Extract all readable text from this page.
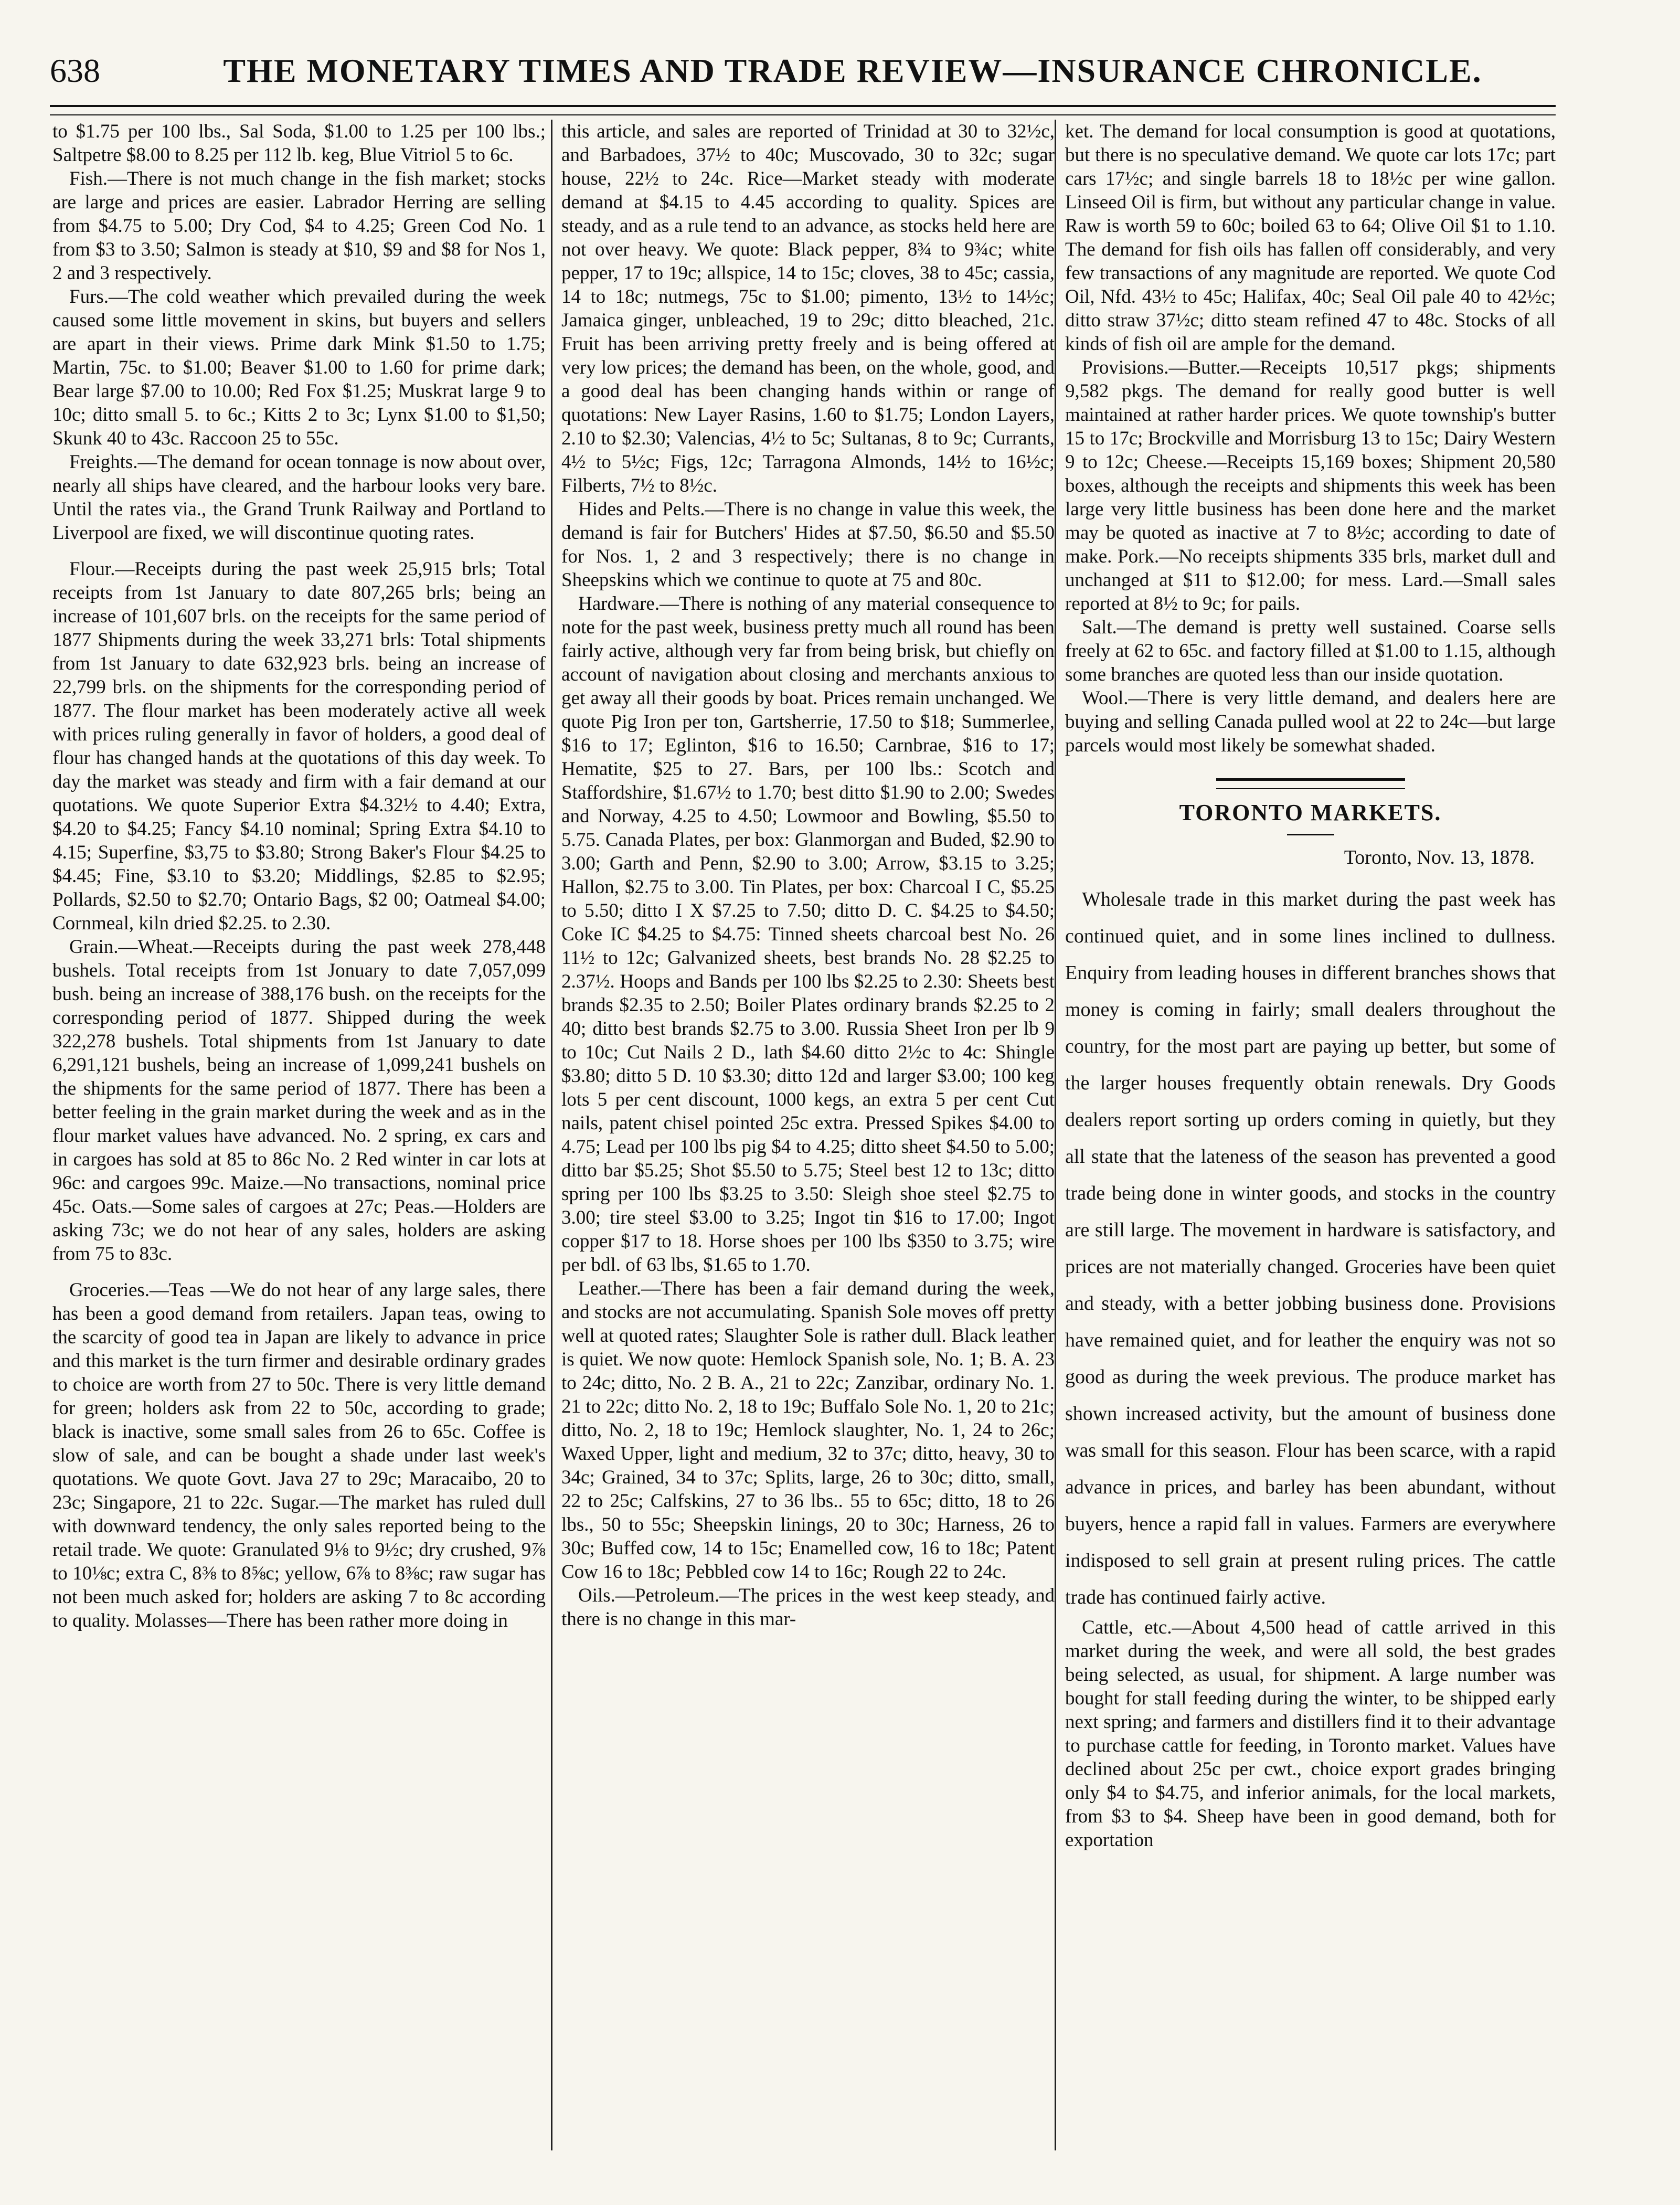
638	THE MONETARY TIMES AND TRADE REVIEW—INSURANCE CHRONICLE.

to $1.75 per 100 lbs., Sal Soda, $1.00 to 1.25 per 100 lbs.; Saltpetre $8.00 to 8.25 per 112 lb. keg, Blue Vitriol 5 to 6c.

Fish.—There is not much change in the fish market; stocks are large and prices are easier. Labrador Herring are selling from $4.75 to 5.00; Dry Cod, $4 to 4.25; Green Cod No. 1 from $3 to 3.50; Salmon is steady at $10, $9 and $8 for Nos 1, 2 and 3 respectively.

Furs.—The cold weather which prevailed during the week caused some little movement in skins, but buyers and sellers are apart in their views. Prime dark Mink $1.50 to 1.75; Martin, 75c. to $1.00; Beaver $1.00 to 1.60 for prime dark; Bear large $7.00 to 10.00; Red Fox $1.25; Muskrat large 9 to 10c; ditto small 5. to 6c.; Kitts 2 to 3c; Lynx $1.00 to $1,50; Skunk 40 to 43c. Raccoon 25 to 55c.

Freights.—The demand for ocean tonnage is now about over, nearly all ships have cleared, and the harbour looks very bare. Until the rates via., the Grand Trunk Railway and Portland to Liverpool are fixed, we will discontinue quoting rates.

Flour.—Receipts during the past week 25,915 brls; Total receipts from 1st January to date 807,265 brls; being an increase of 101,607 brls. on the receipts for the same period of 1877 Shipments during the week 33,271 brls: Total shipments from 1st January to date 632,923 brls. being an increase of 22,799 brls. on the shipments for the corresponding period of 1877. The flour market has been moderately active all week with prices ruling generally in favor of holders, a good deal of flour has changed hands at the quotations of this day week. To day the market was steady and firm with a fair demand at our quotations. We quote Superior Extra $4.32½ to 4.40; Extra, $4.20 to $4.25; Fancy $4.10 nominal; Spring Extra $4.10 to 4.15; Superfine, $3,75 to $3.80; Strong Baker's Flour $4.25 to $4.45; Fine, $3.10 to $3.20; Middlings, $2.85 to $2.95; Pollards, $2.50 to $2.70; Ontario Bags, $2 00; Oatmeal $4.00; Cornmeal, kiln dried $2.25. to 2.30.

Grain.—Wheat.—Receipts during the past week 278,448 bushels. Total receipts from 1st Jonuary to date 7,057,099 bush. being an increase of 388,176 bush. on the receipts for the corresponding period of 1877. Shipped during the week 322,278 bushels. Total shipments from 1st January to date 6,291,121 bushels, being an increase of 1,099,241 bushels on the shipments for the same period of 1877. There has been a better feeling in the grain market during the week and as in the flour market values have advanced. No. 2 spring, ex cars and in cargoes has sold at 85 to 86c No. 2 Red winter in car lots at 96c: and cargoes 99c. Maize.—No transactions, nominal price 45c. Oats.—Some sales of cargoes at 27c; Peas.—Holders are asking 73c; we do not hear of any sales, holders are asking from 75 to 83c.

Groceries.—Teas —We do not hear of any large sales, there has been a good demand from retailers. Japan teas, owing to the scarcity of good tea in Japan are likely to advance in price and this market is the turn firmer and desirable ordinary grades to choice are worth from 27 to 50c. There is very little demand for green; holders ask from 22 to 50c, according to grade; black is inactive, some small sales from 26 to 65c. Coffee is slow of sale, and can be bought a shade under last week's quotations. We quote Govt. Java 27 to 29c; Maracaibo, 20 to 23c; Singapore, 21 to 22c. Sugar.—The market has ruled dull with downward tendency, the only sales reported being to the retail trade. We quote: Granulated 9⅛ to 9½c; dry crushed, 9⅞ to 10⅛c; extra C, 8⅜ to 8⅝c; yellow, 6⅞ to 8⅜c; raw sugar has not been much asked for; holders are asking 7 to 8c according to quality. Molasses—There has been rather more doing in

this article, and sales are reported of Trinidad at 30 to 32½c, and Barbadoes, 37½ to 40c; Muscovado, 30 to 32c; sugar house, 22½ to 24c. Rice—Market steady with moderate demand at $4.15 to 4.45 according to quality. Spices are steady, and as a rule tend to an advance, as stocks held here are not over heavy. We quote: Black pepper, 8¾ to 9¾c; white pepper, 17 to 19c; allspice, 14 to 15c; cloves, 38 to 45c; cassia, 14 to 18c; nutmegs, 75c to $1.00; pimento, 13½ to 14½c; Jamaica ginger, unbleached, 19 to 29c; ditto bleached, 21c. Fruit has been arriving pretty freely and is being offered at very low prices; the demand has been, on the whole, good, and a good deal has been changing hands within or range of quotations: New Layer Rasins, 1.60 to $1.75; London Layers, 2.10 to $2.30; Valencias, 4½ to 5c; Sultanas, 8 to 9c; Currants, 4½ to 5½c; Figs, 12c; Tarragona Almonds, 14½ to 16½c; Filberts, 7½ to 8½c.

Hides and Pelts.—There is no change in value this week, the demand is fair for Butchers' Hides at $7.50, $6.50 and $5.50 for Nos. 1, 2 and 3 respectively; there is no change in Sheepskins which we continue to quote at 75 and 80c.

Hardware.—There is nothing of any material consequence to note for the past week, business pretty much all round has been fairly active, although very far from being brisk, but chiefly on account of navigation about closing and merchants anxious to get away all their goods by boat. Prices remain unchanged. We quote Pig Iron per ton, Gartsherrie, 17.50 to $18; Summerlee, $16 to 17; Eglinton, $16 to 16.50; Carnbrae, $16 to 17; Hematite, $25 to 27. Bars, per 100 lbs.: Scotch and Staffordshire, $1.67½ to 1.70; best ditto $1.90 to 2.00; Swedes and Norway, 4.25 to 4.50; Lowmoor and Bowling, $5.50 to 5.75. Canada Plates, per box: Glanmorgan and Buded, $2.90 to 3.00; Garth and Penn, $2.90 to 3.00; Arrow, $3.15 to 3.25; Hallon, $2.75 to 3.00. Tin Plates, per box: Charcoal I C, $5.25 to 5.50; ditto I X $7.25 to 7.50; ditto D. C. $4.25 to $4.50; Coke IC $4.25 to $4.75: Tinned sheets charcoal best No. 26 11½ to 12c; Galvanized sheets, best brands No. 28 $2.25 to 2.37½. Hoops and Bands per 100 lbs $2.25 to 2.30: Sheets best brands $2.35 to 2.50; Boiler Plates ordinary brands $2.25 to 2 40; ditto best brands $2.75 to 3.00. Russia Sheet Iron per lb 9 to 10c; Cut Nails 2 D., lath $4.60 ditto 2½c to 4c: Shingle $3.80; ditto 5 D. 10 $3.30; ditto 12d and larger $3.00; 100 keg lots 5 per cent discount, 1000 kegs, an extra 5 per cent Cut nails, patent chisel pointed 25c extra. Pressed Spikes $4.00 to 4.75; Lead per 100 lbs pig $4 to 4.25; ditto sheet $4.50 to 5.00; ditto bar $5.25; Shot $5.50 to 5.75; Steel best 12 to 13c; ditto spring per 100 lbs $3.25 to 3.50: Sleigh shoe steel $2.75 to 3.00; tire steel $3.00 to 3.25; Ingot tin $16 to 17.00; Ingot copper $17 to 18. Horse shoes per 100 lbs $350 to 3.75; wire per bdl. of 63 lbs, $1.65 to 1.70.

Leather.—There has been a fair demand during the week, and stocks are not accumulating. Spanish Sole moves off pretty well at quoted rates; Slaughter Sole is rather dull. Black leather is quiet. We now quote: Hemlock Spanish sole, No. 1; B. A. 23 to 24c; ditto, No. 2 B. A., 21 to 22c; Zanzibar, ordinary No. 1. 21 to 22c; ditto No. 2, 18 to 19c; Buffalo Sole No. 1, 20 to 21c; ditto, No. 2, 18 to 19c; Hemlock slaughter, No. 1, 24 to 26c; Waxed Upper, light and medium, 32 to 37c; ditto, heavy, 30 to 34c; Grained, 34 to 37c; Splits, large, 26 to 30c; ditto, small, 22 to 25c; Calfskins, 27 to 36 lbs.. 55 to 65c; ditto, 18 to 26 lbs., 50 to 55c; Sheepskin linings, 20 to 30c; Harness, 26 to 30c; Buffed cow, 14 to 15c; Enamelled cow, 16 to 18c; Patent Cow 16 to 18c; Pebbled cow 14 to 16c; Rough 22 to 24c.

Oils.—Petroleum.—The prices in the west keep steady, and there is no change in this mar-

ket. The demand for local consumption is good at quotations, but there is no speculative demand. We quote car lots 17c; part cars 17½c; and single barrels 18 to 18½c per wine gallon. Linseed Oil is firm, but without any particular change in value. Raw is worth 59 to 60c; boiled 63 to 64; Olive Oil $1 to 1.10. The demand for fish oils has fallen off considerably, and very few transactions of any magnitude are reported. We quote Cod Oil, Nfd. 43½ to 45c; Halifax, 40c; Seal Oil pale 40 to 42½c; ditto straw 37½c; ditto steam refined 47 to 48c. Stocks of all kinds of fish oil are ample for the demand.

Provisions.—Butter.—Receipts 10,517 pkgs; shipments 9,582 pkgs. The demand for really good butter is well maintained at rather harder prices. We quote township's butter 15 to 17c; Brockville and Morrisburg 13 to 15c; Dairy Western 9 to 12c; Cheese.—Receipts 15,169 boxes; Shipment 20,580 boxes, although the receipts and shipments this week has been large very little business has been done here and the market may be quoted as inactive at 7 to 8½c; according to date of make. Pork.—No receipts shipments 335 brls, market dull and unchanged at $11 to $12.00; for mess. Lard.—Small sales reported at 8½ to 9c; for pails.

Salt.—The demand is pretty well sustained. Coarse sells freely at 62 to 65c. and factory filled at $1.00 to 1.15, although some branches are quoted less than our inside quotation.

Wool.—There is very little demand, and dealers here are buying and selling Canada pulled wool at 22 to 24c—but large parcels would most likely be somewhat shaded.

TORONTO MARKETS.
Toronto, Nov. 13, 1878.

Wholesale trade in this market during the past week has continued quiet, and in some lines inclined to dullness. Enquiry from leading houses in different branches shows that money is coming in fairly; small dealers throughout the country, for the most part are paying up better, but some of the larger houses frequently obtain renewals. Dry Goods dealers report sorting up orders coming in quietly, but they all state that the lateness of the season has prevented a good trade being done in winter goods, and stocks in the country are still large. The movement in hardware is satisfactory, and prices are not materially changed. Groceries have been quiet and steady, with a better jobbing business done. Provisions have remained quiet, and for leather the enquiry was not so good as during the week previous. The produce market has shown increased activity, but the amount of business done was small for this season. Flour has been scarce, with a rapid advance in prices, and barley has been abundant, without buyers, hence a rapid fall in values. Farmers are everywhere indisposed to sell grain at present ruling prices. The cattle trade has continued fairly active.

Cattle, etc.—About 4,500 head of cattle arrived in this market during the week, and were all sold, the best grades being selected, as usual, for shipment. A large number was bought for stall feeding during the winter, to be shipped early next spring; and farmers and distillers find it to their advantage to purchase cattle for feeding, in Toronto market. Values have declined about 25c per cwt., choice export grades bringing only $4 to $4.75, and inferior animals, for the local markets, from $3 to $4. Sheep have been in good demand, both for exportation
